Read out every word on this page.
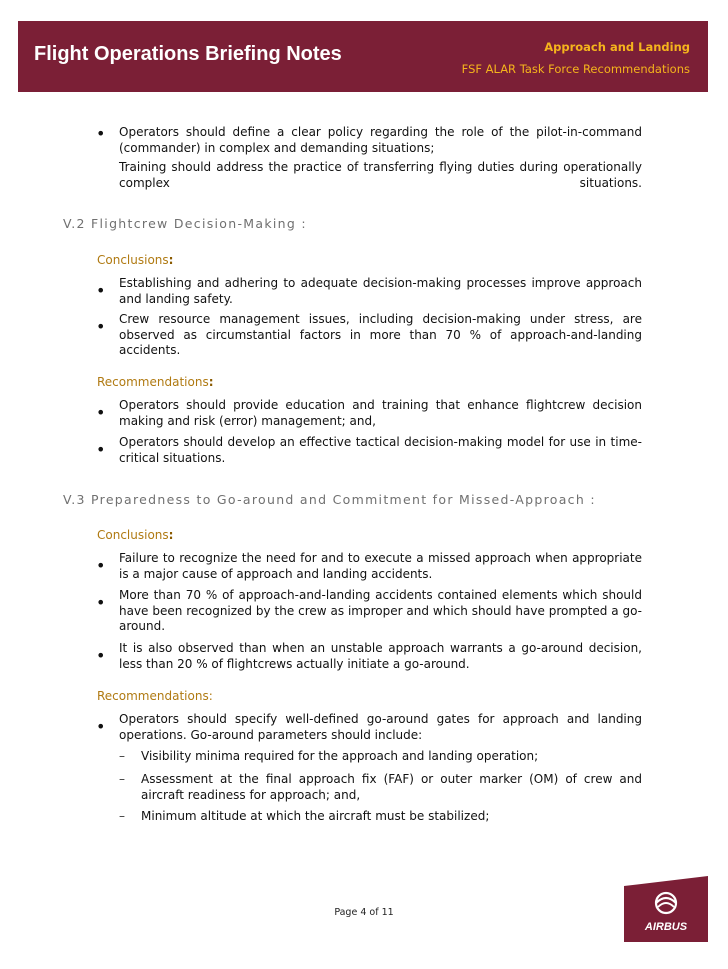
Flight Operations Briefing Notes	Approach and Landing
FSF ALAR Task Force Recommendations
• Operators should define a clear policy regarding the role of the pilot-in-command (commander) in complex and demanding situations;
Training should address the practice of transferring flying duties during operationally complex situations.
V.2 Flightcrew Decision-Making :
Conclusions:
• Establishing and adhering to adequate decision-making processes improve approach and landing safety.
• Crew resource management issues, including decision-making under stress, are observed as circumstantial factors in more than 70 % of approach-and-landing accidents.
Recommendations:
• Operators should provide education and training that enhance flightcrew decision making and risk (error) management; and,
• Operators should develop an effective tactical decision-making model for use in time-critical situations.
V.3 Preparedness to Go-around and Commitment for Missed-Approach :
Conclusions:
• Failure to recognize the need for and to execute a missed approach when appropriate is a major cause of approach and landing accidents.
• More than 70 % of approach-and-landing accidents contained elements which should have been recognized by the crew as improper and which should have prompted a go-around.
• It is also observed than when an unstable approach warrants a go-around decision, less than 20 % of flightcrews actually initiate a go-around.
Recommendations:
• Operators should specify well-defined go-around gates for approach and landing operations. Go-around parameters should include:
– Visibility minima required for the approach and landing operation;
– Assessment at the final approach fix (FAF) or outer marker (OM) of crew and aircraft readiness for approach; and,
– Minimum altitude at which the aircraft must be stabilized;
Page 4 of 11
AIRBUS
